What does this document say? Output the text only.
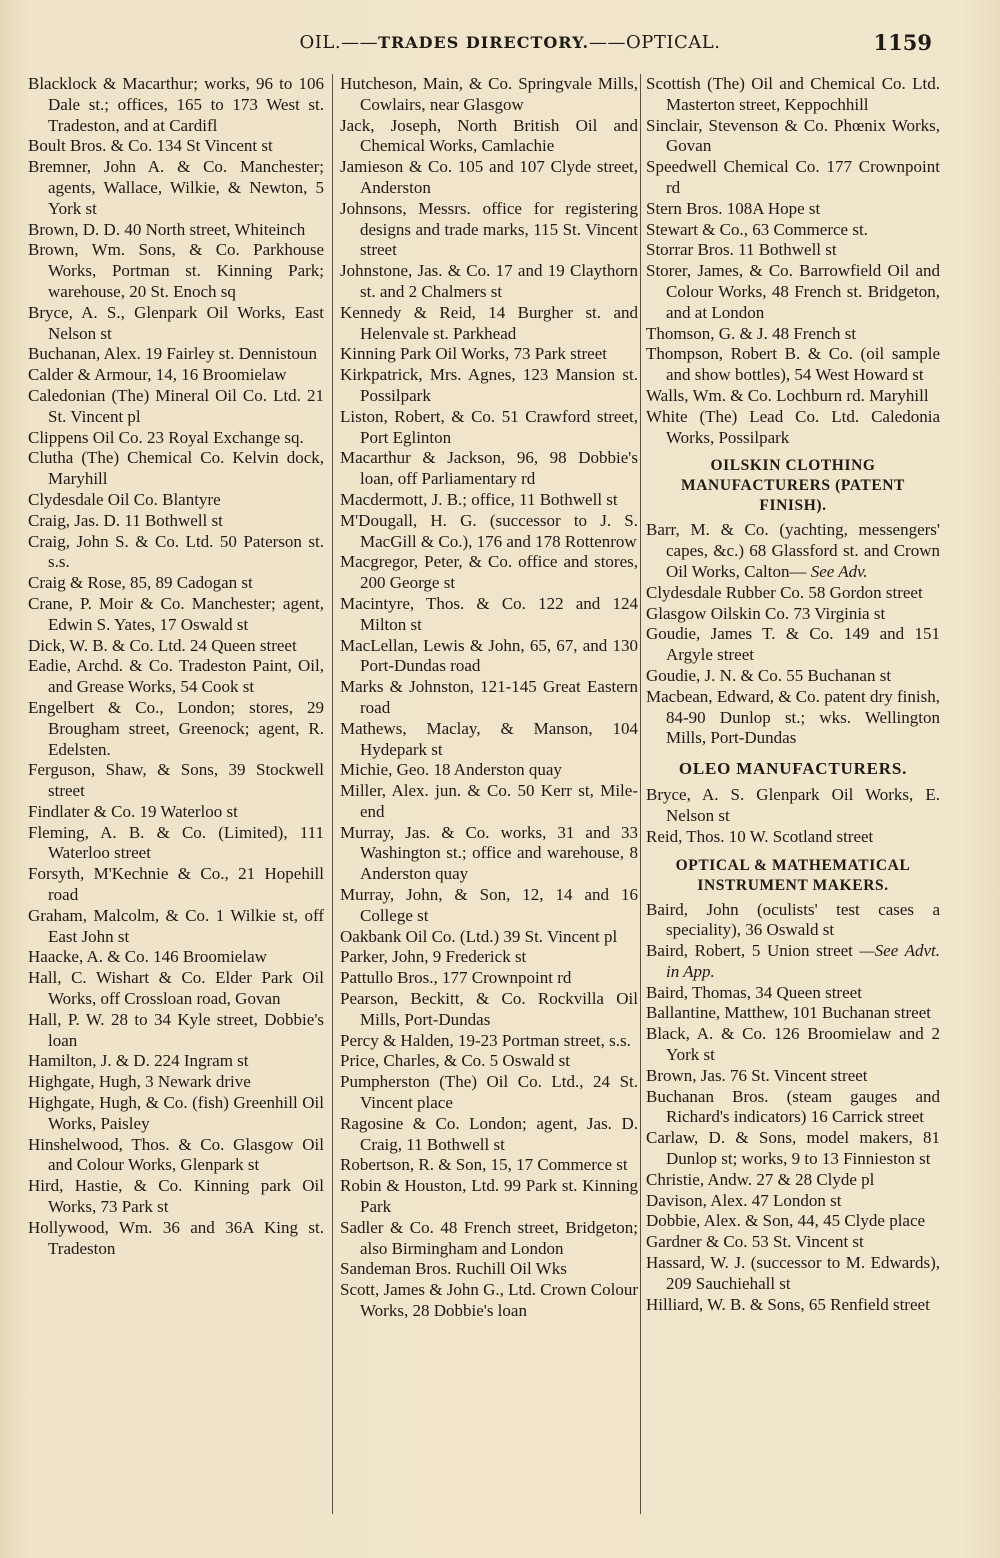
OIL. —— TRADES DIRECTORY. —— OPTICAL.	1159

Blacklock & Macarthur; works, 96 to 106 Dale st.; offices, 165 to 173 West st. Tradeston, and at Cardifl

Boult Bros. & Co. 134 St Vincent st

Bremner, John A. & Co. Manchester; agents, Wallace, Wilkie, & Newton, 5 York st

Brown, D. D. 40 North street, Whiteinch

Brown, Wm. Sons, & Co. Parkhouse Works, Portman st. Kinning Park; warehouse, 20 St. Enoch sq

Bryce, A. S., Glenpark Oil Works, East Nelson st

Buchanan, Alex. 19 Fairley st. Dennistoun

Calder & Armour, 14, 16 Broomielaw

Caledonian (The) Mineral Oil Co. Ltd. 21 St. Vincent pl

Clippens Oil Co. 23 Royal Exchange sq.

Clutha (The) Chemical Co. Kelvin dock, Maryhill

Clydesdale Oil Co. Blantyre

Craig, Jas. D. 11 Bothwell st

Craig, John S. & Co. Ltd. 50 Paterson st. s.s.

Craig & Rose, 85, 89 Cadogan st

Crane, P. Moir & Co. Manchester; agent, Edwin S. Yates, 17 Oswald st

Dick, W. B. & Co. Ltd. 24 Queen street

Eadie, Archd. & Co. Tradeston Paint, Oil, and Grease Works, 54 Cook st

Engelbert & Co., London; stores, 29 Brougham street, Greenock; agent, R. Edelsten.

Ferguson, Shaw, & Sons, 39 Stockwell street

Findlater & Co. 19 Waterloo st

Fleming, A. B. & Co. (Limited), 111 Waterloo street

Forsyth, M'Kechnie & Co., 21 Hopehill road

Graham, Malcolm, & Co. 1 Wilkie st, off East John st

Haacke, A. & Co. 146 Broomielaw

Hall, C. Wishart & Co. Elder Park Oil Works, off Crossloan road, Govan

Hall, P. W. 28 to 34 Kyle street, Dobbie's loan

Hamilton, J. & D. 224 Ingram st

Highgate, Hugh, 3 Newark drive

Highgate, Hugh, & Co. (fish) Greenhill Oil Works, Paisley

Hinshelwood, Thos. & Co. Glasgow Oil and Colour Works, Glenpark st

Hird, Hastie, & Co. Kinning park Oil Works, 73 Park st

Hollywood, Wm. 36 and 36A King st. Tradeston

Hutcheson, Main, & Co. Springvale Mills, Cowlairs, near Glasgow

Jack, Joseph, North British Oil and Chemical Works, Camlachie

Jamieson & Co. 105 and 107 Clyde street, Anderston

Johnsons, Messrs. office for registering designs and trade marks, 115 St. Vincent street

Johnstone, Jas. & Co. 17 and 19 Claythorn st. and 2 Chalmers st

Kennedy & Reid, 14 Burgher st. and Helenvale st. Parkhead

Kinning Park Oil Works, 73 Park street

Kirkpatrick, Mrs. Agnes, 123 Mansion st. Possilpark

Liston, Robert, & Co. 51 Crawford street, Port Eglinton

Macarthur & Jackson, 96, 98 Dobbie's loan, off Parliamentary rd

Macdermott, J. B.; office, 11 Bothwell st

M'Dougall, H. G. (successor to J. S. MacGill & Co.), 176 and 178 Rottenrow

Macgregor, Peter, & Co. office and stores, 200 George st

Macintyre, Thos. & Co. 122 and 124 Milton st

MacLellan, Lewis & John, 65, 67, and 130 Port-Dundas road

Marks & Johnston, 121-145 Great Eastern road

Mathews, Maclay, & Manson, 104 Hydepark st

Michie, Geo. 18 Anderston quay

Miller, Alex. jun. & Co. 50 Kerr st, Mile-end

Murray, Jas. & Co. works, 31 and 33 Washington st.; office and warehouse, 8 Anderston quay

Murray, John, & Son, 12, 14 and 16 College st

Oakbank Oil Co. (Ltd.) 39 St. Vincent pl

Parker, John, 9 Frederick st

Pattullo Bros., 177 Crownpoint rd

Pearson, Beckitt, & Co. Rockvilla Oil Mills, Port-Dundas

Percy & Halden, 19-23 Portman street, s.s.

Price, Charles, & Co. 5 Oswald st

Pumpherston (The) Oil Co. Ltd., 24 St. Vincent place

Ragosine & Co. London; agent, Jas. D. Craig, 11 Bothwell st

Robertson, R. & Son, 15, 17 Commerce st

Robin & Houston, Ltd. 99 Park st. Kinning Park

Sadler & Co. 48 French street, Bridgeton; also Birmingham and London

Sandeman Bros. Ruchill Oil Wks

Scott, James & John G., Ltd. Crown Colour Works, 28 Dobbie's loan

Scottish (The) Oil and Chemical Co. Ltd. Masterton street, Keppochhill

Sinclair, Stevenson & Co. Phœnix Works, Govan

Speedwell Chemical Co. 177 Crownpoint rd

Stern Bros. 108A Hope st

Stewart & Co., 63 Commerce st.

Storrar Bros. 11 Bothwell st

Storer, James, & Co. Barrowfield Oil and Colour Works, 48 French st. Bridgeton, and at London

Thomson, G. & J. 48 French st

Thompson, Robert B. & Co. (oil sample and show bottles), 54 West Howard st

Walls, Wm. & Co. Lochburn rd. Maryhill

White (The) Lead Co. Ltd. Caledonia Works, Possilpark

OILSKIN CLOTHING MANUFACTURERS (PATENT FINISH).

Barr, M. & Co. (yachting, messengers' capes, &c.) 68 Glassford st. and Crown Oil Works, Calton— See Adv.

Clydesdale Rubber Co. 58 Gordon street

Glasgow Oilskin Co. 73 Virginia st

Goudie, James T. & Co. 149 and 151 Argyle street

Goudie, J. N. & Co. 55 Buchanan st

Macbean, Edward, & Co. patent dry finish, 84-90 Dunlop st.; wks. Wellington Mills, Port-Dundas

OLEO MANUFACTURERS.

Bryce, A. S. Glenpark Oil Works, E. Nelson st

Reid, Thos. 10 W. Scotland street

OPTICAL & MATHEMATICAL INSTRUMENT MAKERS.

Baird, John (oculists' test cases a speciality), 36 Oswald st

Baird, Robert, 5 Union street —See Advt. in App.

Baird, Thomas, 34 Queen street

Ballantine, Matthew, 101 Buchanan street

Black, A. & Co. 126 Broomielaw and 2 York st

Brown, Jas. 76 St. Vincent street

Buchanan Bros. (steam gauges and Richard's indicators) 16 Carrick street

Carlaw, D. & Sons, model makers, 81 Dunlop st; works, 9 to 13 Finnieston st

Christie, Andw. 27 & 28 Clyde pl

Davison, Alex. 47 London st

Dobbie, Alex. & Son, 44, 45 Clyde place

Gardner & Co. 53 St. Vincent st

Hassard, W. J. (successor to M. Edwards), 209 Sauchiehall st

Hilliard, W. B. & Sons, 65 Renfield street
